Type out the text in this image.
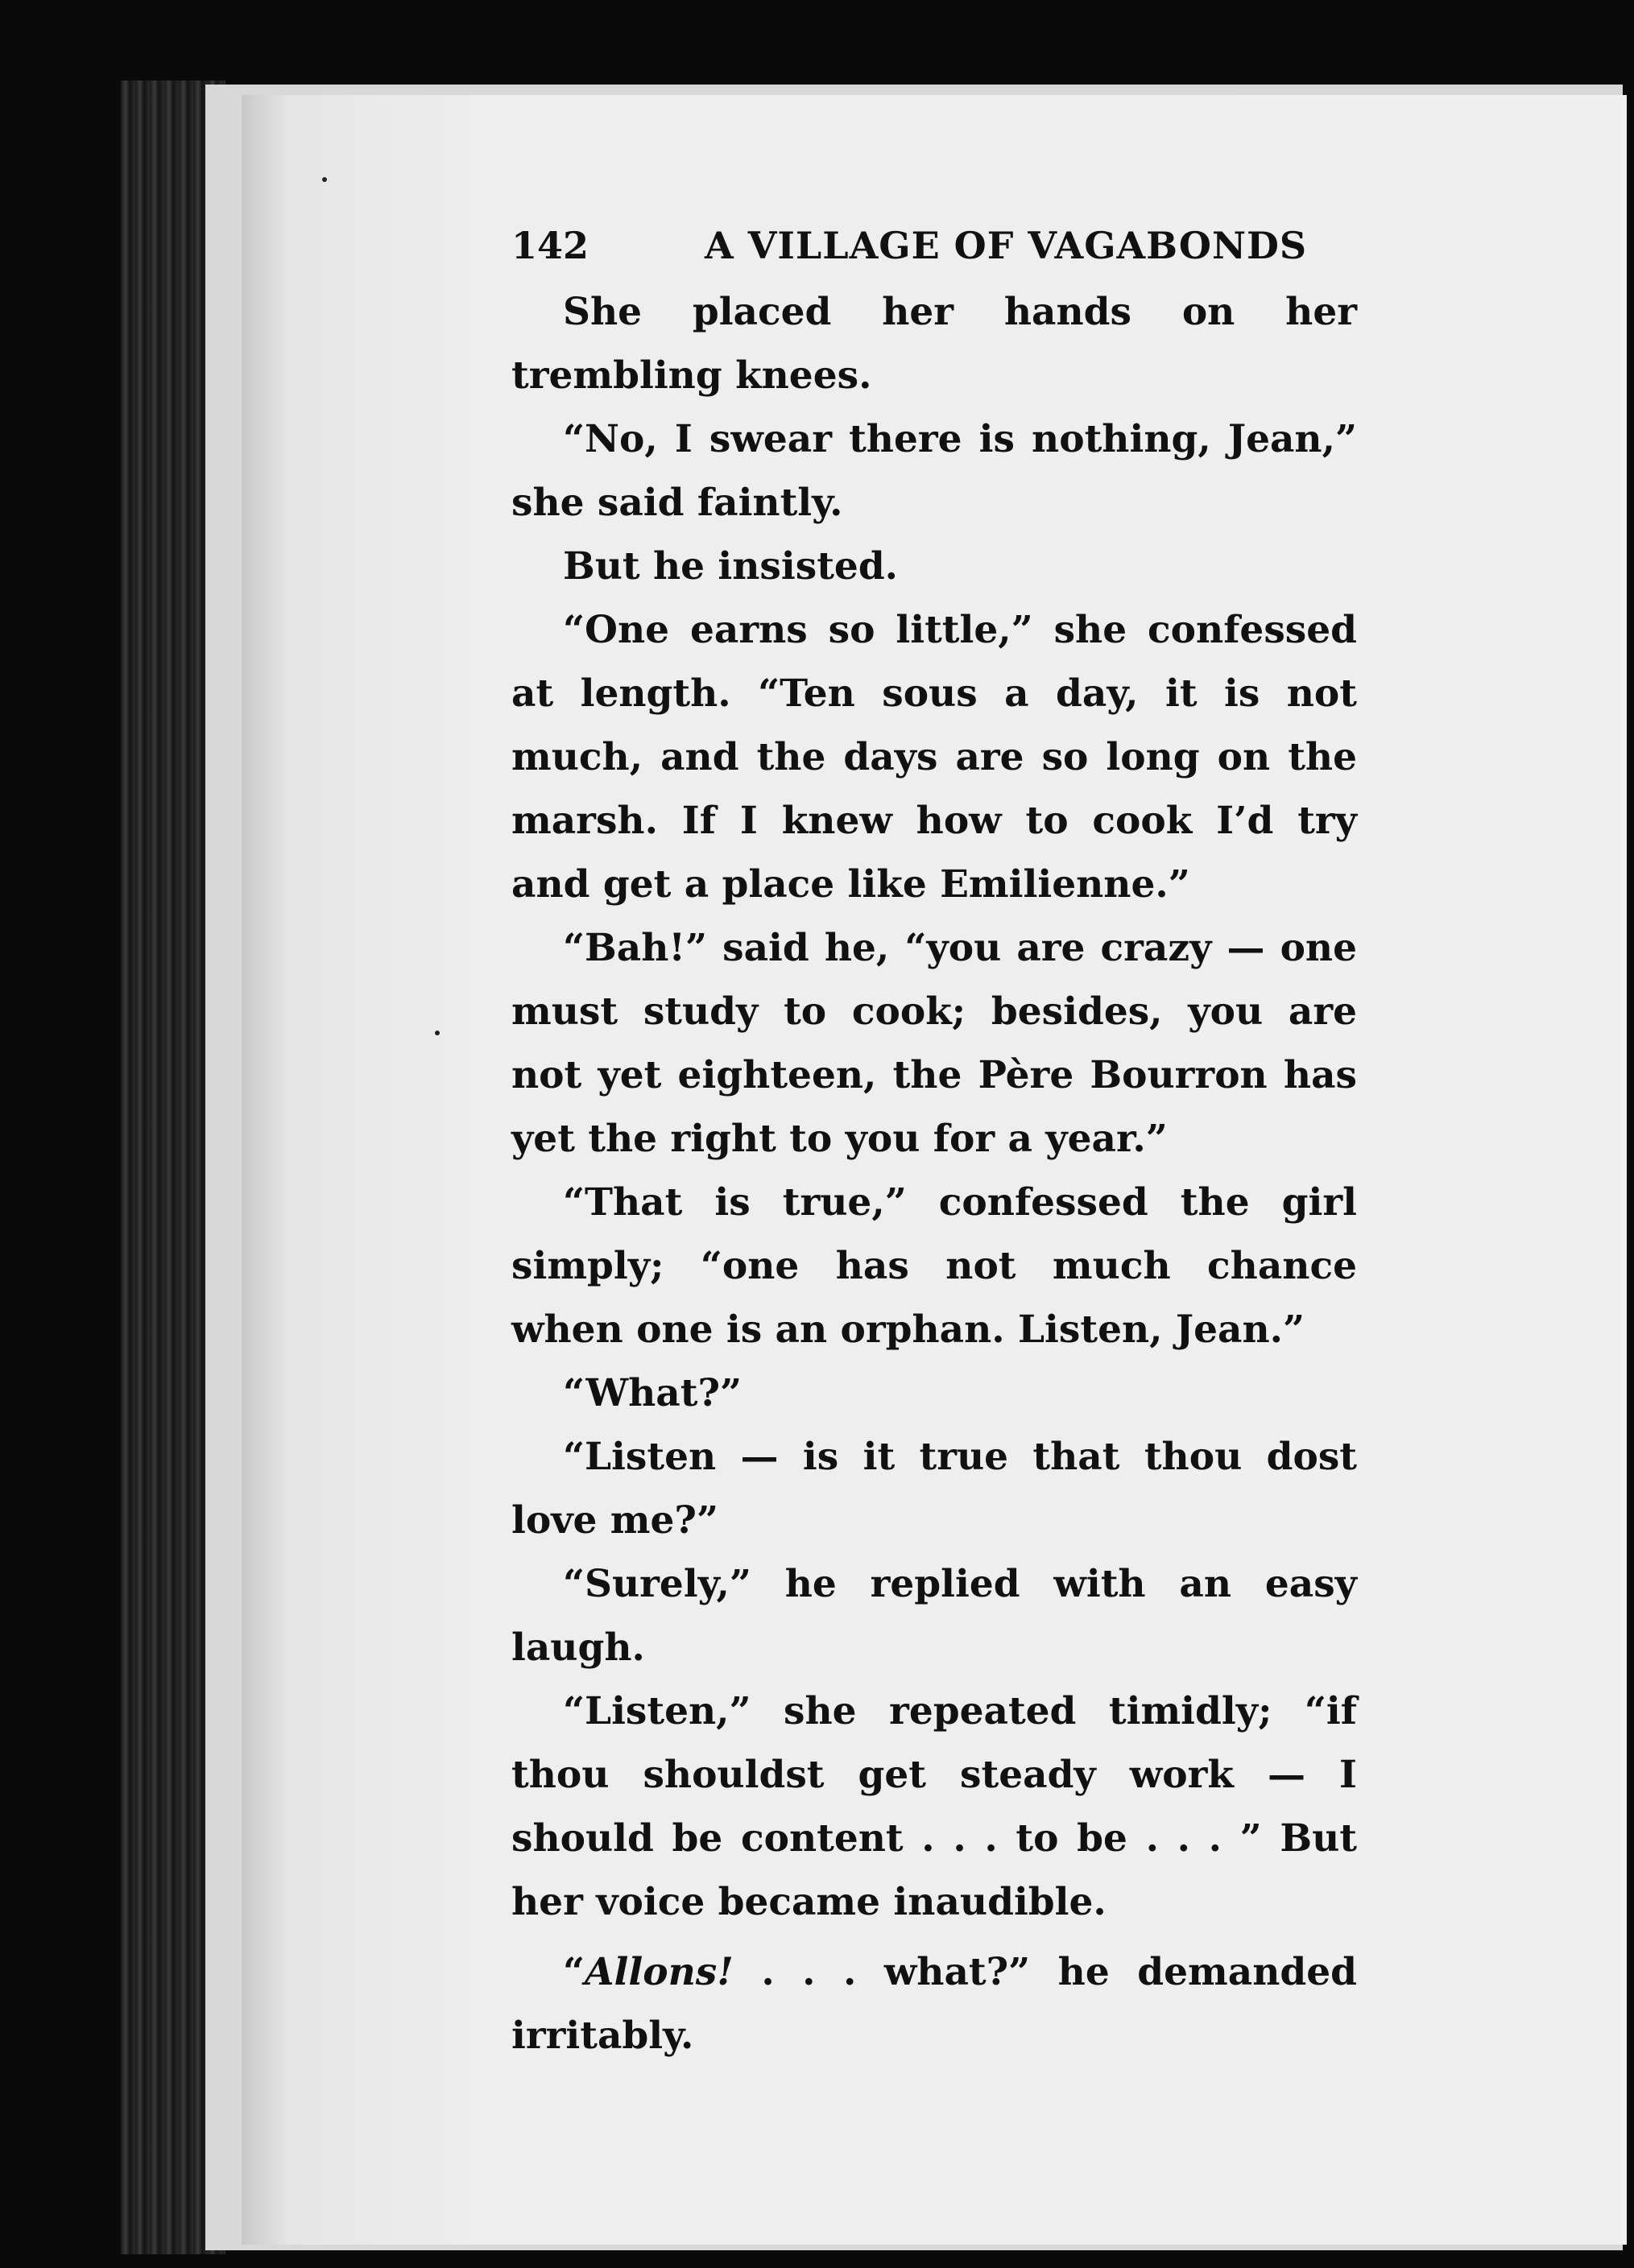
142	A VILLAGE OF VAGABONDS

She placed her hands on her trembling knees.

“No, I swear there is nothing, Jean,” she said faintly.

But he insisted.

“One earns so little,” she confessed at length. “Ten sous a day, it is not much, and the days are so long on the marsh. If I knew how to cook I’d try and get a place like Emilienne.”

“Bah!” said he, “you are crazy — one must study to cook; besides, you are not yet eighteen, the Père Bourron has yet the right to you for a year.”

“That is true,” confessed the girl simply; “one has not much chance when one is an orphan. Listen, Jean.”

“What?”

“Listen — is it true that thou dost love me?”

“Surely,” he replied with an easy laugh.

“Listen,” she repeated timidly; “if thou shouldst get steady work — I should be content . . . to be . . . ” But her voice became inaudible.

“Allons! . . . what?” he demanded irritably.
